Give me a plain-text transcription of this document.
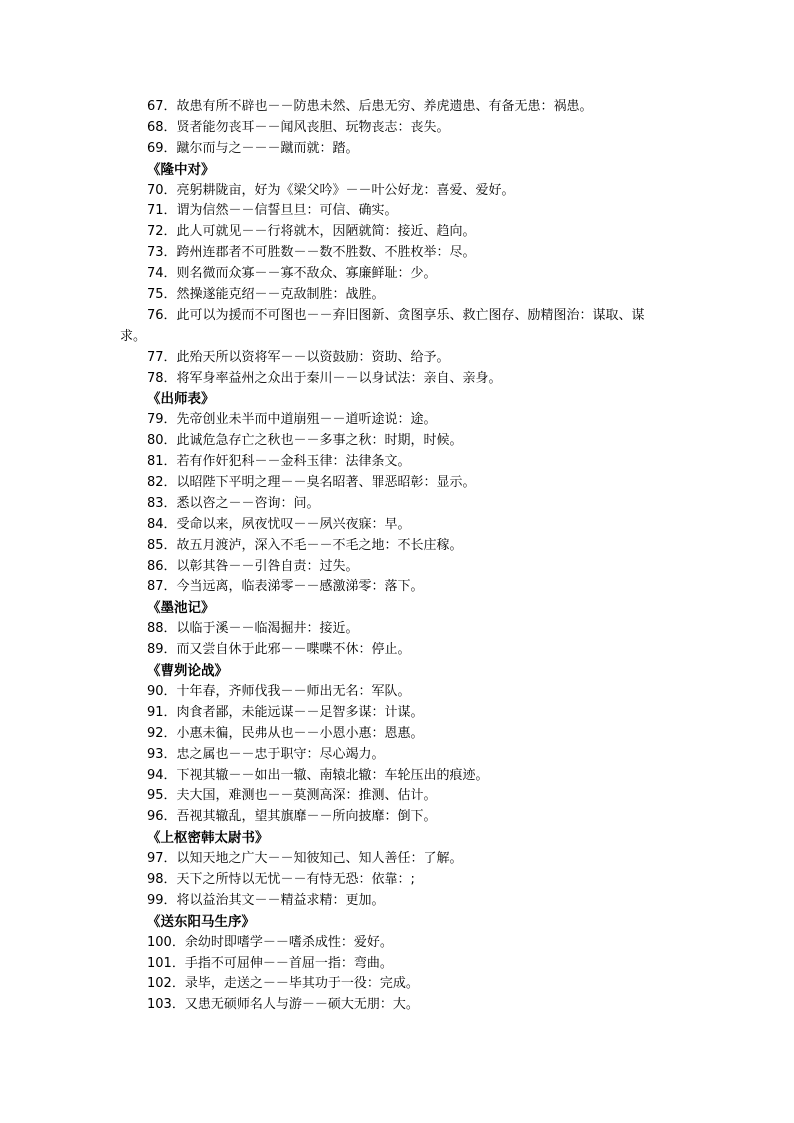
67．故患有所不辟也－－防患未然、后患无穷、养虎遗患、有备无患：祸患。
68．贤者能勿丧耳－－闻风丧胆、玩物丧志：丧失。
69．蹴尔而与之－－－蹴而就：踏。
《隆中对》
70．亮躬耕陇亩，好为《梁父吟》－－叶公好龙：喜爱、爱好。
71．谓为信然－－信誓旦旦：可信、确实。
72．此人可就见－－行将就木，因陋就简：接近、趋向。
73．跨州连郡者不可胜数－－数不胜数、不胜枚举：尽。
74．则名微而众寡－－寡不敌众、寡廉鲜耻：少。
75．然操遂能克绍－－克敌制胜：战胜。
76．此可以为援而不可图也－－弃旧图新、贪图享乐、救亡图存、励精图治：谋取、谋
求。
77．此殆天所以资将军－－以资鼓励：资助、给予。
78．将军身率益州之众出于秦川－－以身试法：亲自、亲身。
《出师表》
79．先帝创业未半而中道崩殂－－道听途说：途。
80．此诚危急存亡之秋也－－多事之秋：时期，时候。
81．若有作奸犯科－－金科玉律：法律条文。
82．以昭陛下平明之理－－臭名昭著、罪恶昭彰：显示。
83．悉以咨之－－咨询：问。
84．受命以来，夙夜忧叹－－夙兴夜寐：早。
85．故五月渡泸，深入不毛－－不毛之地：不长庄稼。
86．以彰其咎－－引咎自责：过失。
87．今当远离，临表涕零－－感激涕零：落下。
《墨池记》
88．以临于溪－－临渴掘井：接近。
89．而又尝自休于此邪－－喋喋不休：停止。
《曹刿论战》
90．十年春，齐师伐我－－师出无名：军队。
91．肉食者鄙，未能远谋－－足智多谋：计谋。
92．小惠未徧，民弗从也－－小恩小惠：恩惠。
93．忠之属也－－忠于职守：尽心竭力。
94．下视其辙－－如出一辙、南辕北辙：车轮压出的痕迹。
95．夫大国，难测也－－莫测高深：推测、估计。
96．吾视其辙乱，望其旗靡－－所向披靡：倒下。
《上枢密韩太尉书》
97．以知天地之广大－－知彼知己、知人善任：了解。
98．天下之所恃以无忧－－有恃无恐：依靠：;
99．将以益治其文－－精益求精：更加。
《送东阳马生序》
100．余幼时即嗜学－－嗜杀成性：爱好。
101．手指不可屈伸－－首屈一指：弯曲。
102．录毕，走送之－－毕其功于一役：完成。
103．又患无硕师名人与游－－硕大无朋：大。
